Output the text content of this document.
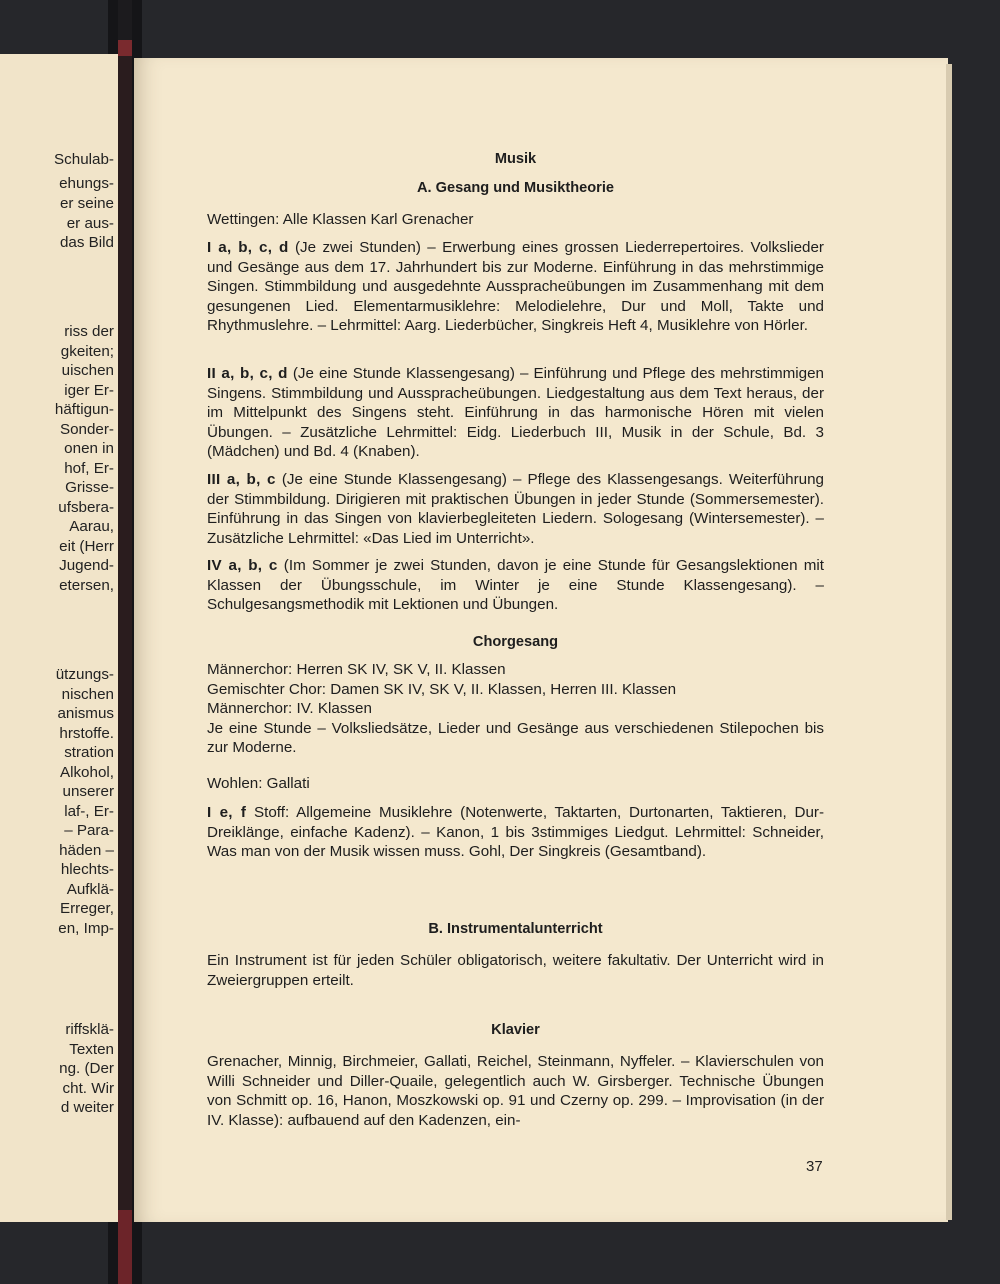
Schulab-
ehungs-
er seine
er aus-
das Bild
riss der
gkeiten;
uischen
iger Er-
häftigun-
Sonder-
onen in
hof, Er-
Grisse-
ufsbera-
Aarau,
eit (Herr
Jugend-
etersen,
ützungs-
nischen
anismus
hrstoffe.
stration
Alkohol,
unserer
laf-, Er-
– Para-
häden –
hlechts-
Aufklä-
Erreger,
en, Imp-
riffsklä-
Texten
ng. (Der
cht. Wir
d weiter
Musik
A. Gesang und Musiktheorie

Wettingen: Alle Klassen Karl Grenacher

I a, b, c, d (Je zwei Stunden) – Erwerbung eines grossen Liederrepertoires. Volkslieder und Gesänge aus dem 17. Jahrhundert bis zur Moderne. Einführung in das mehrstimmige Singen. Stimmbildung und ausgedehnte Ausspracheübungen im Zusammenhang mit dem gesungenen Lied. Elementarmusiklehre: Melodielehre, Dur und Moll, Takte und Rhythmuslehre. – Lehrmittel: Aarg. Liederbücher, Singkreis Heft 4, Musiklehre von Hörler.

II a, b, c, d (Je eine Stunde Klassengesang) – Einführung und Pflege des mehrstimmigen Singens. Stimmbildung und Ausspracheübungen. Liedgestaltung aus dem Text heraus, der im Mittelpunkt des Singens steht. Einführung in das harmonische Hören mit vielen Übungen. – Zusätzliche Lehrmittel: Eidg. Liederbuch III, Musik in der Schule, Bd. 3 (Mädchen) und Bd. 4 (Knaben).

III a, b, c (Je eine Stunde Klassengesang) – Pflege des Klassengesangs. Weiterführung der Stimmbildung. Dirigieren mit praktischen Übungen in jeder Stunde (Sommersemester). Einführung in das Singen von klavierbegleiteten Liedern. Sologesang (Wintersemester). – Zusätzliche Lehrmittel: «Das Lied im Unterricht».

IV a, b, c (Im Sommer je zwei Stunden, davon je eine Stunde für Gesangslektionen mit Klassen der Übungsschule, im Winter je eine Stunde Klassengesang). – Schulgesangsmethodik mit Lektionen und Übungen.

Chorgesang

Männerchor: Herren SK IV, SK V, II. Klassen

Gemischter Chor: Damen SK IV, SK V, II. Klassen, Herren III. Klassen

Männerchor: IV. Klassen

Je eine Stunde – Volksliedsätze, Lieder und Gesänge aus verschiedenen Stilepochen bis zur Moderne.

Wohlen: Gallati

I e, f Stoff: Allgemeine Musiklehre (Notenwerte, Taktarten, Durtonarten, Taktieren, Dur-Dreiklänge, einfache Kadenz). – Kanon, 1 bis 3stimmiges Liedgut. Lehrmittel: Schneider, Was man von der Musik wissen muss. Gohl, Der Singkreis (Gesamtband).

B. Instrumentalunterricht

Ein Instrument ist für jeden Schüler obligatorisch, weitere fakultativ. Der Unterricht wird in Zweiergruppen erteilt.

Klavier

Grenacher, Minnig, Birchmeier, Gallati, Reichel, Steinmann, Nyffeler. – Klavierschulen von Willi Schneider und Diller-Quaile, gelegentlich auch W. Girsberger. Technische Übungen von Schmitt op. 16, Hanon, Moszkowski op. 91 und Czerny op. 299. – Improvisation (in der IV. Klasse): aufbauend auf den Kadenzen, ein-

37
